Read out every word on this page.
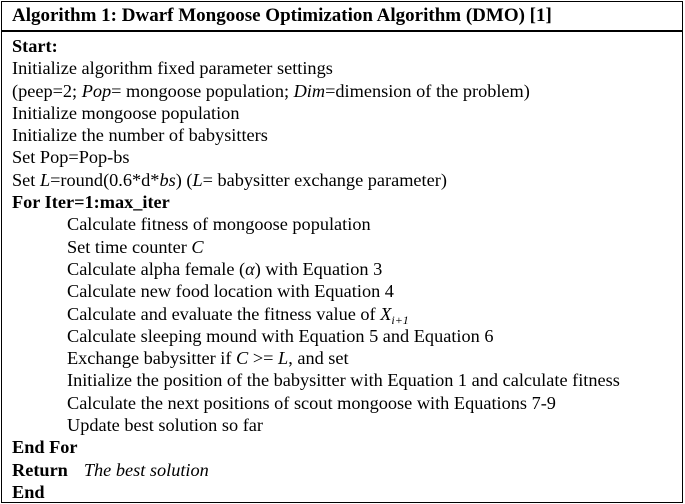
Algorithm 1: Dwarf Mongoose Optimization Algorithm (DMO) [1]
Start:
Initialize algorithm fixed parameter settings
(peep=2; Pop= mongoose population; Dim=dimension of the problem)
Initialize mongoose population
Initialize the number of babysitters
Set Pop=Pop-bs
Set L=round(0.6*d*bs) (L= babysitter exchange parameter)
For Iter=1:max_iter
Calculate fitness of mongoose population
Set time counter C
Calculate alpha female (α) with Equation 3
Calculate new food location with Equation 4
Calculate and evaluate the fitness value of $X_{i+1}$
Calculate sleeping mound with Equation 5 and Equation 6
Exchange babysitter if C >= L, and set
Initialize the position of the babysitter with Equation 1 and calculate fitness
Calculate the next positions of scout mongoose with Equations 7-9
Update best solution so far
End For
Return The best solution
End
